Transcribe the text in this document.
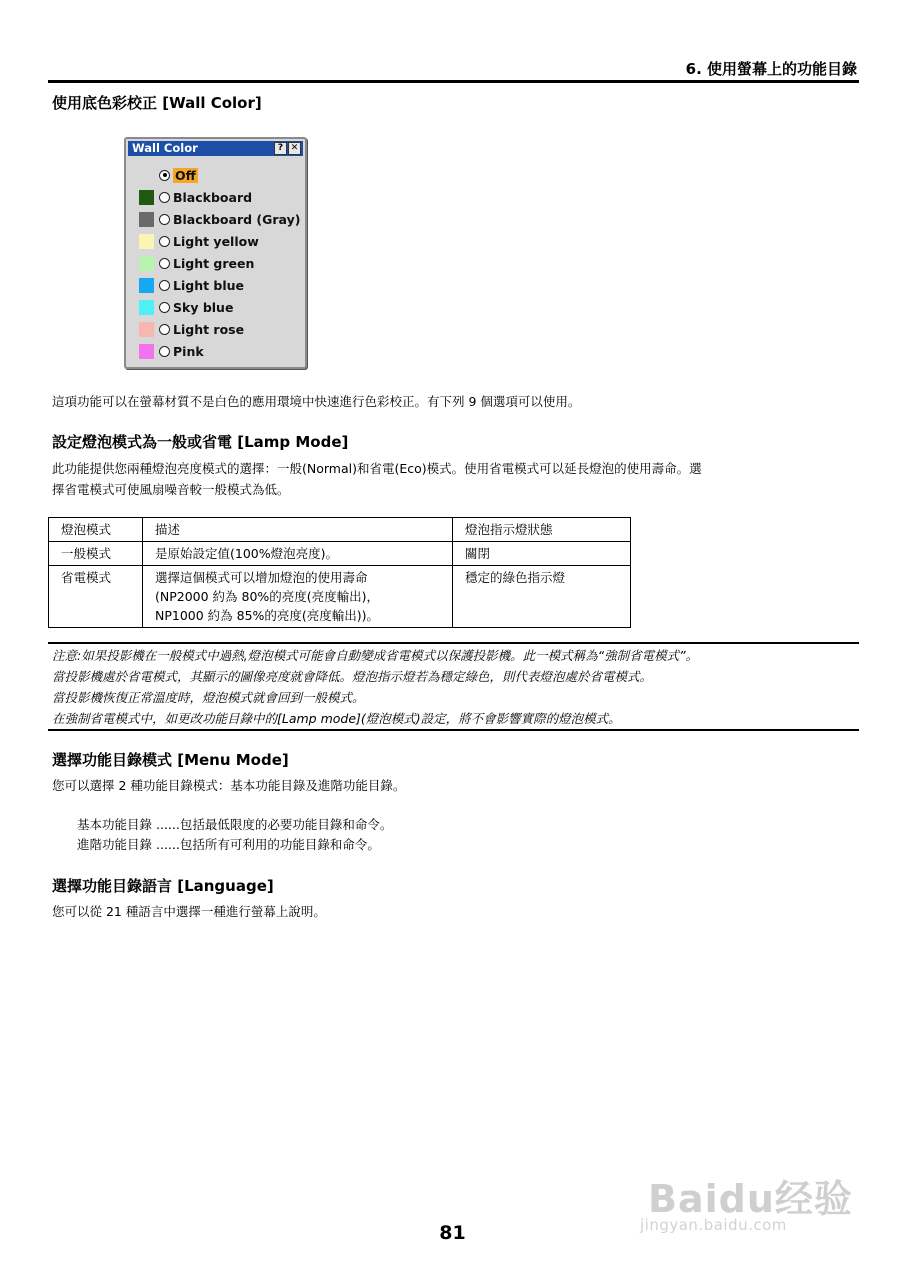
6. 使用螢幕上的功能目錄
使用底色彩校正 [Wall Color]
Wall Color	? ✕
Off
Blackboard
Blackboard (Gray)
Light yellow
Light green
Light blue
Sky blue
Light rose
Pink
這項功能可以在螢幕材質不是白色的應用環境中快速進行色彩校正。有下列 9 個選項可以使用。
設定燈泡模式為一般或省電 [Lamp Mode]
此功能提供您兩種燈泡亮度模式的選擇：一般(Normal)和省電(Eco)模式。使用省電模式可以延長燈泡的使用壽命。選
擇省電模式可使風扇噪音較一般模式為低。
燈泡模式	描述	燈泡指示燈狀態
一般模式	是原始設定值(100%燈泡亮度)。	關閉
省電模式	選擇這個模式可以增加燈泡的使用壽命
(NP2000 約為 80%的亮度(亮度輸出)，
NP1000 約為 85%的亮度(亮度輸出))。	穩定的綠色指示燈
注意:如果投影機在一般模式中過熱,燈泡模式可能會自動變成省電模式以保護投影機。此一模式稱為“強制省電模式”。
當投影機處於省電模式，其顯示的圖像亮度就會降低。燈泡指示燈若為穩定綠色，則代表燈泡處於省電模式。
當投影機恢復正常溫度時，燈泡模式就會回到一般模式。
在強制省電模式中，如更改功能目錄中的[Lamp mode](燈泡模式)設定，將不會影響實際的燈泡模式。
選擇功能目錄模式 [Menu Mode]
您可以選擇 2 種功能目錄模式：基本功能目錄及進階功能目錄。
基本功能目錄 ......包括最低限度的必要功能目錄和命令。
進階功能目錄 ......包括所有可利用的功能目錄和命令。
選擇功能目錄語言 [Language]
您可以從 21 種語言中選擇一種進行螢幕上說明。
Baidu经验
jingyan.baidu.com
81
